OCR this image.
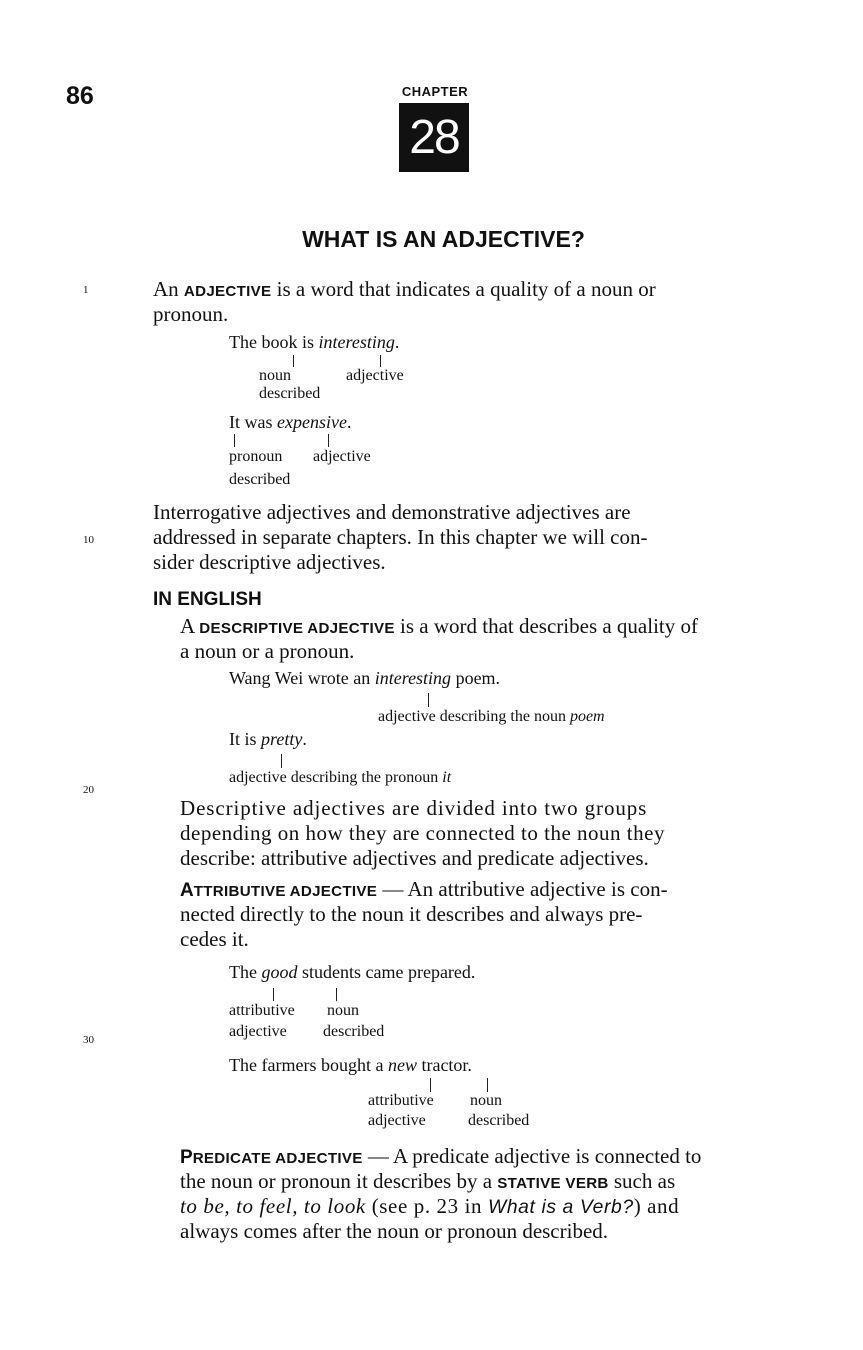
86	CHAPTER
28
WHAT IS AN ADJECTIVE?
1
10
20
30
An ADJECTIVE is a word that indicates a quality of a noun or
pronoun.
The book is interesting.
noun
described
adjective
It was expensive.
pronoun
described
adjective
Interrogative adjectives and demonstrative adjectives are
addressed in separate chapters. In this chapter we will con-
sider descriptive adjectives.
IN ENGLISH
A DESCRIPTIVE ADJECTIVE is a word that describes a quality of
a noun or a pronoun.
Wang Wei wrote an interesting poem.
adjective describing the noun poem
It is pretty.
adjective describing the pronoun it
Descriptive adjectives are divided into two groups
depending on how they are connected to the noun they
describe: attributive adjectives and predicate adjectives.
ATTRIBUTIVE ADJECTIVE — An attributive adjective is con-
nected directly to the noun it describes and always pre-
cedes it.
The good students came prepared.
attributive
adjective
noun
described
The farmers bought a new tractor.
attributive
adjective
noun
described
PREDICATE ADJECTIVE — A predicate adjective is connected to
the noun or pronoun it describes by a STATIVE VERB such as
to be, to feel, to look (see p. 23 in What is a Verb?) and
always comes after the noun or pronoun described.
